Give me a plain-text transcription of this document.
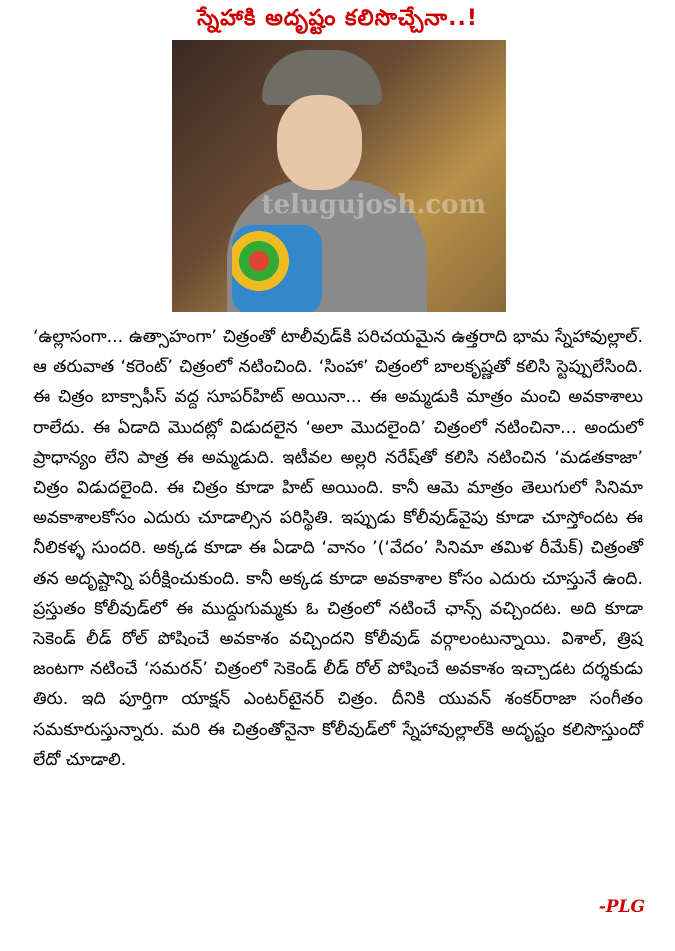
స్నేహాకి అదృష్టం కలిసొచ్చేనా..!
telugujosh.com

‘ఉల్లాసంగా... ఉత్సాహంగా’ చిత్రంతో టాలీవుడ్‌కి పరిచయమైన ఉత్తరాది భామ స్నేహావుల్లాల్. ఆ తరువాత ‘కరెంట్’ చిత్రంలో నటించింది. ‘సింహా’ చిత్రంలో బాలకృష్ణతో కలిసి స్టెప్పులేసింది. ఈ చిత్రం బాక్సాఫీస్ వద్ద సూపర్‌హిట్ అయినా... ఈ అమ్మడుకి మాత్రం మంచి అవకాశాలు రాలేదు. ఈ ఏడాది మొదట్లో విడుదలైన ‘అలా మొదలైంది’ చిత్రంలో నటించినా... అందులో ప్రాధాన్యం లేని పాత్ర ఈ అమ్మడుది. ఇటీవల అల్లరి నరేష్‌తో కలిసి నటించిన ‘మడతకాజా’ చిత్రం విడుదలైంది. ఈ చిత్రం కూడా హిట్ అయింది. కానీ ఆమె మాత్రం తెలుగులో సినిమా అవకాశాలకోసం ఎదురు చూడాల్సిన పరిస్థితి. ఇప్పుడు కోలీవుడ్‌వైపు కూడా చూస్తోందట ఈ నీలికళ్ళ సుందరి. అక్కడ కూడా ఈ ఏడాది ‘వానం ’(‘వేదం’ సినిమా తమిళ రీమేక్) చిత్రంతో తన అదృష్టాన్ని పరీక్షించుకుంది. కానీ అక్కడ కూడా అవకాశాల కోసం ఎదురు చూస్తునే ఉంది. ప్రస్తుతం కోలీవుడ్‌లో ఈ ముద్దుగుమ్మకు ఓ చిత్రంలో నటించే ఛాన్స్ వచ్చిందట. అది కూడా సెకెండ్ లీడ్ రోల్ పోషించే అవకాశం వచ్చిందని కోలీవుడ్ వర్గాలంటున్నాయి. విశాల్, త్రిష జంటగా నటించే ‘సమరన్’ చిత్రంలో సెకెండ్ లీడ్ రోల్ పోషించే అవకాశం ఇచ్చాడట దర్శకుడు తిరు. ఇది పూర్తిగా యాక్షన్ ఎంటర్‌టైనర్ చిత్రం. దీనికి యువన్ శంకర్‌రాజా సంగీతం సమకూరుస్తున్నారు. మరి ఈ చిత్రంతోనైనా కోలీవుడ్‌లో స్నేహావుల్లాల్‌కి అదృష్టం కలిసొస్తుందో లేదో చూడాలి.

-PLG
